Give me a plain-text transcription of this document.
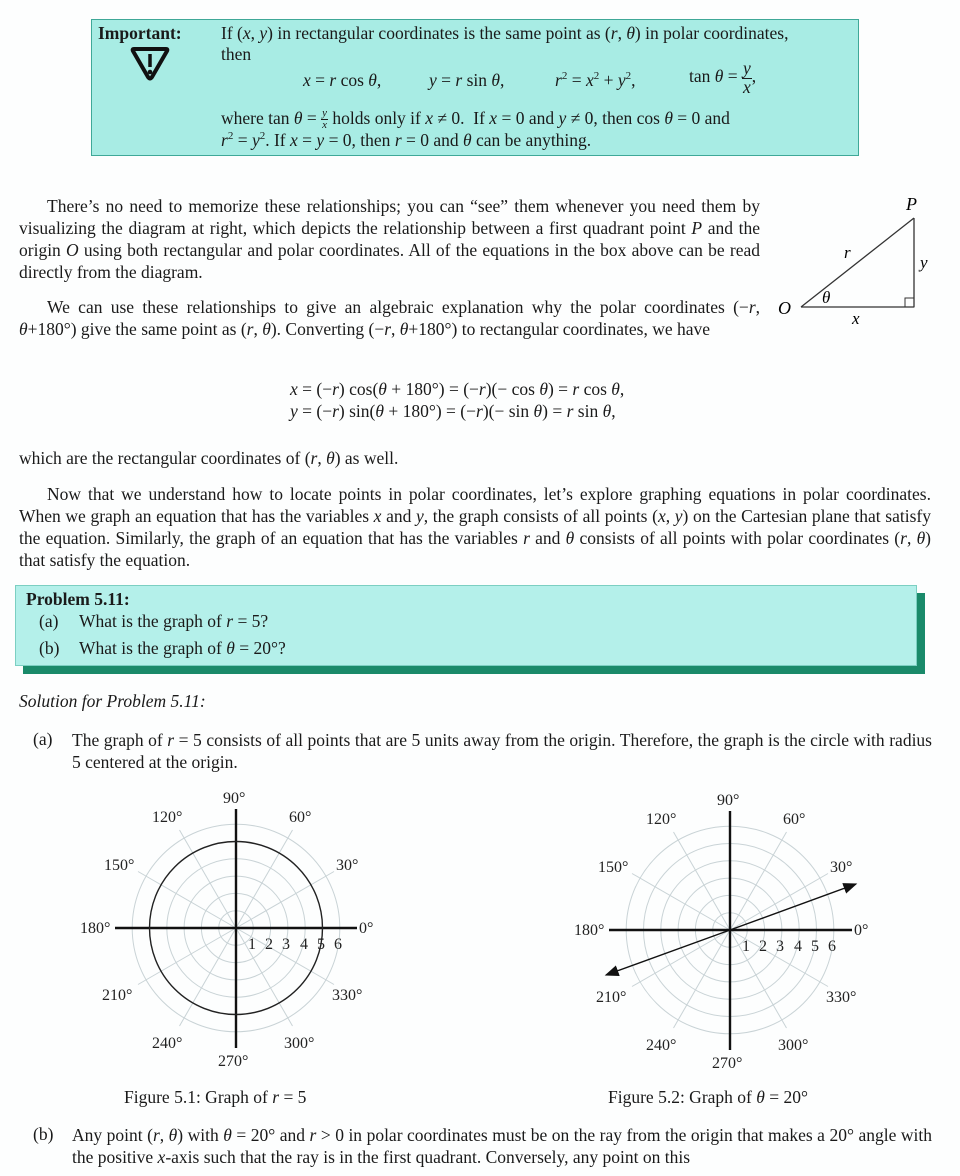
Important: If (x, y) in rectangular coordinates is the same point as (r, θ) in polar coordinates,
then
x = r cos θ,	y = r sin θ,	$r^2 = x^2 + y^2$,	$\tan \theta = \frac{y}{x}$ ,
where $\tan \theta = \frac{y}{x}$ holds only if x ≠ 0.  If x = 0 and y ≠ 0, then cos θ = 0 and
$r^2 = y^2$. If x = y = 0, then r = 0 and θ can be anything.

There’s no need to memorize these relationships; you can “see” them whenever you need them by visualizing the diagram at right, which depicts the relationship between a first quadrant point P and the origin O using both rectangular and polar coordinates. All of the equations in the box above can be read directly from the diagram.

P
O
r
y
x
θ

We can use these relationships to give an algebraic explanation why the polar coordinates (−r, θ+180°) give the same point as (r, θ). Converting (−r, θ+180°) to rectangular coordinates, we have

x = (−r) cos(θ + 180°) = (−r)(− cos θ) = r cos θ,
y = (−r) sin(θ + 180°) = (−r)(− sin θ) = r sin θ,

which are the rectangular coordinates of (r, θ) as well.

Now that we understand how to locate points in polar coordinates, let’s explore graphing equations in polar coordinates. When we graph an equation that has the variables x and y, the graph consists of all points (x, y) on the Cartesian plane that satisfy the equation. Similarly, the graph of an equation that has the variables r and θ consists of all points with polar coordinates (r, θ) that satisfy the equation.

Problem 5.11:
(a) What is the graph of r = 5?
(b) What is the graph of θ = 20°?
Solution for Problem 5.11:
(a) The graph of r = 5 consists of all points that are 5 units away from the origin. Therefore, the graph is the circle with radius 5 centered at the origin.

1 2 3 4 5 6
0°
30°
60°
90°
120°
150°
180°
210°
240°
270°
300°
330°
1 2 3 4 5 6
0°
30°
60°
90°
120°
150°
180°
210°
240°
270°
300°
330°
Figure 5.1: Graph of r = 5	Figure 5.2: Graph of θ = 20°
(b) Any point (r, θ) with θ = 20° and r > 0 in polar coordinates must be on the ray from the origin that makes a 20° angle with the positive x-axis such that the ray is in the first quadrant. Conversely, any point on this
